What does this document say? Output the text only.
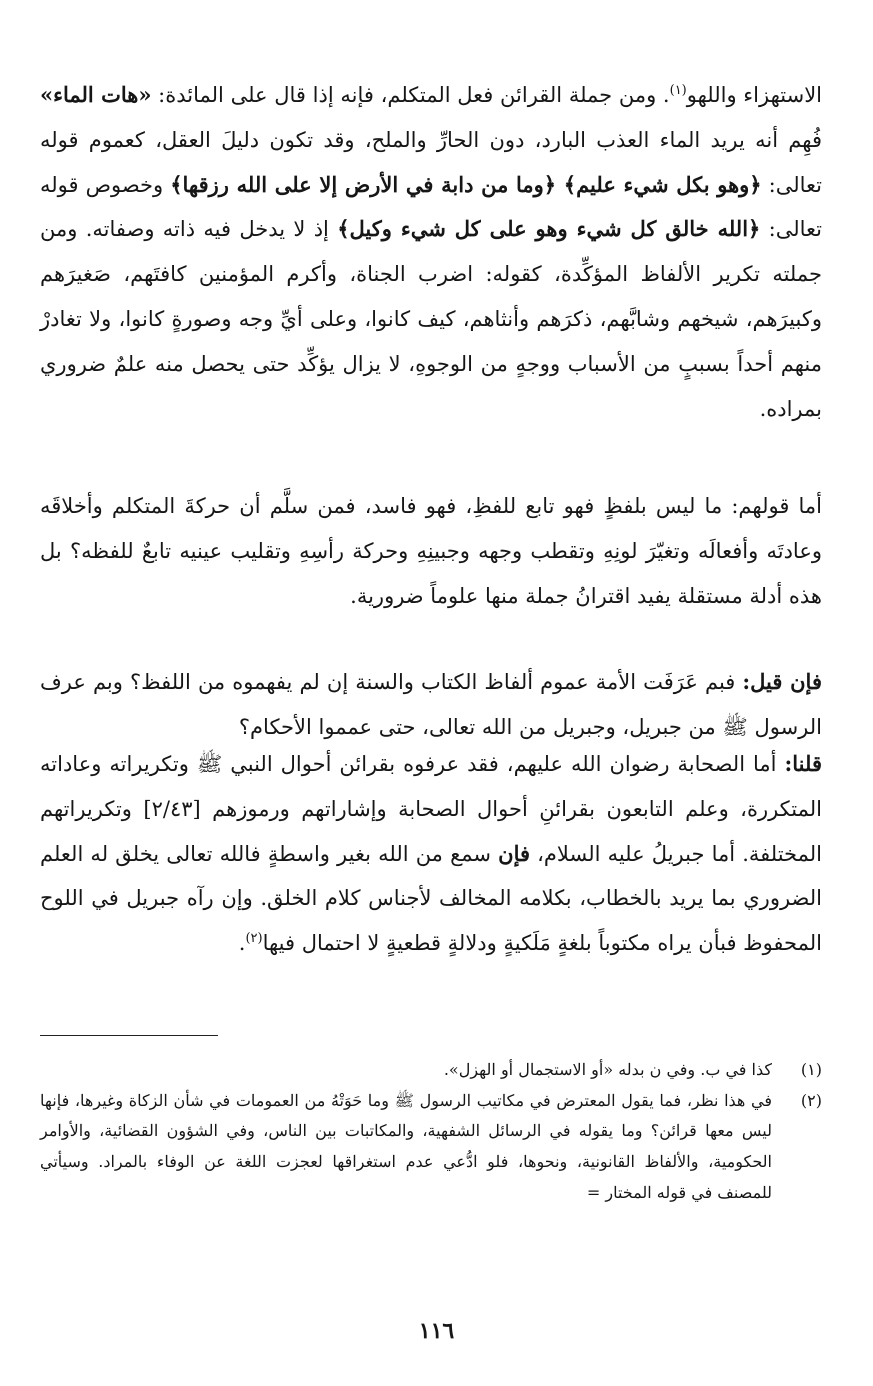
الاستهزاء واللهو$^{(١)}$. ومن جملة القرائن فعل المتكلم، فإنه إذا قال على المائدة: «هات الماء» فُهِم أنه يريد الماء العذب البارد، دون الحارِّ والملح، وقد تكون دليلَ العقل، كعموم قوله تعالى: ﴿وهو بكل شيء عليم﴾ ﴿وما من دابة في الأرض إلا على الله رزقها﴾ وخصوص قوله تعالى: ﴿الله خالق كل شيء وهو على كل شيء وكيل﴾ إذ لا يدخل فيه ذاته وصفاته. ومن جملته تكرير الألفاظ المؤكِّدة، كقوله: اضرب الجناة، وأكرم المؤمنين كافتَهم، صَغيرَهم وكبيرَهم، شيخهم وشابَّهم، ذكرَهم وأنثاهم، كيف كانوا، وعلى أيِّ وجه وصورةٍ كانوا، ولا تغادرْ منهم أحداً بسببٍ من الأسباب ووجهٍ من الوجوهِ، لا يزال يؤكِّد حتى يحصل منه علمٌ ضروري بمراده.

أما قولهم: ما ليس بلفظٍ فهو تابع للفظِ، فهو فاسد، فمن سلَّم أن حركةَ المتكلم وأخلاقَه وعادتَه وأفعالَه وتغيّرَ لونِهِ وتقطب وجهه وجبينِهِ وحركة رأسِهِ وتقليب عينيه تابعٌ للفظه؟ بل هذه أدلة مستقلة يفيد اقترانُ جملة منها علوماً ضرورية.

فإن قيل: فبم عَرَفَت الأمة عموم ألفاظ الكتاب والسنة إن لم يفهموه من اللفظ؟ وبم عرف الرسول ﷺ من جبريل، وجبريل من الله تعالى، حتى عمموا الأحكام؟

قلنا: أما الصحابة رضوان الله عليهم، فقد عرفوه بقرائن أحوال النبي ﷺ وتكريراته وعاداته المتكررة، وعلم التابعون بقرائنِ أحوال الصحابة وإشاراتهم ورموزهم [٢/٤٣] وتكريراتهم المختلفة. أما جبريلُ عليه السلام، فإن سمع من الله بغير واسطةٍ فالله تعالى يخلق له العلم الضروري بما يريد بالخطاب، بكلامه المخالف لأجناس كلام الخلق. وإن رآه جبريل في اللوح المحفوظ فبأن يراه مكتوباً بلغةٍ مَلَكيةٍ ودلالةٍ قطعيةٍ لا احتمال فيها$^{(٢)}$.

(١)
كذا في ب. وفي ن بدله «أو الاستجمال أو الهزل».
(٢)
في هذا نظر، فما يقول المعترض في مكاتيب الرسول ﷺ وما حَوَتْهُ من العمومات في شأن الزكاة وغيرها، فإنها ليس معها قرائن؟ وما يقوله في الرسائل الشفهية، والمكاتبات بين الناس، وفي الشؤون القضائية، والأوامر الحكومية، والألفاظ القانونية، ونحوها، فلو ادُّعي عدم استغراقها لعجزت اللغة عن الوفاء بالمراد. وسيأتي للمصنف في قوله المختار =
١١٦
